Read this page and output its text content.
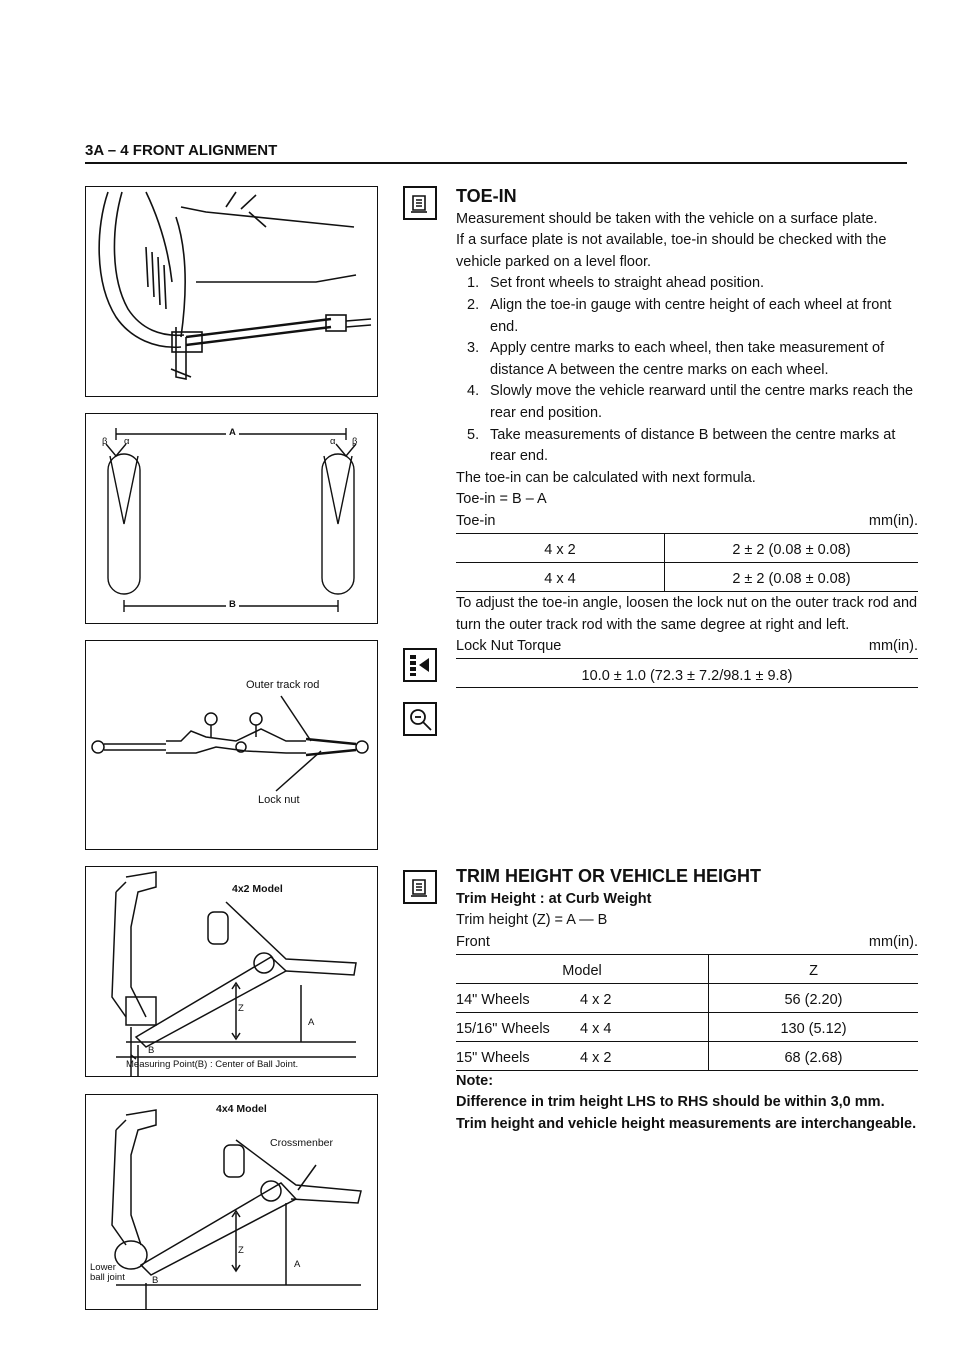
3A – 4 FRONT ALIGNMENT
A
B
β α	α β
Outer track rod
Lock nut
4x2 Model
Z
A
B
Measuring Point(B) : Center of Ball Joint.
4x4 Model
Crossmenber
Z
A
B
Lower ball joint
TOE-IN
Measurement should be taken with the vehicle on a surface plate.
If a surface plate is not available, toe-in should be checked with the vehicle parked on a level floor.
1. Set front wheels to straight ahead position.
2. Align the toe-in gauge with centre height of each wheel at front end.
3. Apply centre marks to each wheel, then take measurement of distance A between the centre marks on each wheel.
4. Slowly move the vehicle rearward until the centre marks reach the rear end position.
5. Take measurements of distance B between the centre marks at rear end.
The toe-in can be calculated with next formula.
Toe-in = B – A
Toe-in	mm(in).
4 x 2	2 ± 2 (0.08 ± 0.08)
4 x 4	2 ± 2 (0.08 ± 0.08)
To adjust the toe-in angle, loosen the lock nut on the outer track rod and turn the outer track rod with the same degree at right and left.
Lock Nut Torque	mm(in).
10.0 ± 1.0 (72.3 ± 7.2/98.1 ± 9.8)
TRIM HEIGHT OR VEHICLE HEIGHT
Trim Height : at Curb Weight
Trim height (Z) = A — B
Front	mm(in).
Model		Z
14" Wheels	4 x 2	56 (2.20)
15/16" Wheels	4 x 4	130 (5.12)
15" Wheels	4 x 2	68 (2.68)
Note:
Difference in trim height LHS to RHS should be within 3,0 mm.
Trim height and vehicle height measurements are interchangeable.
